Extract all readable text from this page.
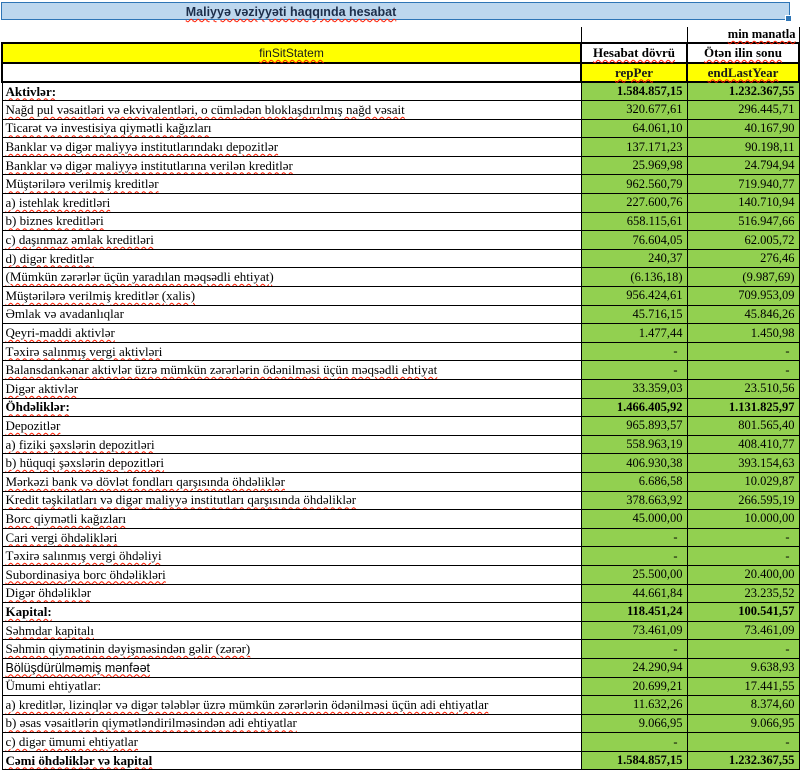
Maliyyə vəziyyəti haqqında hesabat
		min manatla
finSitStatem	Hesabat dövrü	Ötən ilin sonu
	repPer	endLastYear
Aktivlər:	1.584.857,15	1.232.367,55
Nağd pul vəsaitləri və ekvivalentləri, o cümlədən bloklaşdırılmış nağd vəsait	320.677,61	296.445,71
Ticarət və investisiya qiymətli kağızları	64.061,10	40.167,90
Banklar və digər maliyyə institutlarındakı depozitlər	137.171,23	90.198,11
Banklar və digər maliyyə institutlarına verilən kreditlər	25.969,98	24.794,94
Müştərilərə verilmiş kreditlər	962.560,79	719.940,77
a) istehlak kreditləri	227.600,76	140.710,94
b) biznes kreditləri	658.115,61	516.947,66
c) daşınmaz əmlak kreditləri	76.604,05	62.005,72
d) digər kreditlər	240,37	276,46
(Mümkün zərərlər üçün yaradılan məqsədli ehtiyat)	(6.136,18)	(9.987,69)
Müştərilərə verilmiş kreditlər (xalis)	956.424,61	709.953,09
Əmlak və avadanlıqlar	45.716,15	45.846,26
Qeyri-maddi aktivlər	1.477,44	1.450,98
Təxirə salınmış vergi aktivləri	-	-
Balansdankənar aktivlər üzrə mümkün zərərlərin ödənilməsi üçün məqsədli ehtiyat	-	-
Digər aktivlər	33.359,03	23.510,56
Öhdəliklər:	1.466.405,92	1.131.825,97
Depozitlər	965.893,57	801.565,40
a) fiziki şəxslərin depozitləri	558.963,19	408.410,77
b) hüquqi şəxslərin depozitləri	406.930,38	393.154,63
Mərkəzi bank və dövlət fondları qarşısında öhdəliklər	6.686,58	10.029,87
Kredit təşkilatları və digər maliyyə institutları qarşısında öhdəliklər	378.663,92	266.595,19
Borc qiymətli kağızları	45.000,00	10.000,00
Cari vergi öhdəlikləri	-	-
Təxirə salınmış vergi öhdəliyi	-	-
Subordinasiya borc öhdəlikləri	25.500,00	20.400,00
Digər öhdəliklər	44.661,84	23.235,52
Kapital:	118.451,24	100.541,57
Səhmdar kapitalı	73.461,09	73.461,09
Səhmin qiymətinin dəyişməsindən gəlir (zərər)	-	-
Bölüşdürülməmiş mənfəət	24.290,94	9.638,93
Ümumi ehtiyatlar:	20.699,21	17.441,55
a) kreditlər, lizinqlər və digər tələblər üzrə mümkün zərərlərin ödənilməsi üçün adi ehtiyatlar	11.632,26	8.374,60
b) əsas vəsaitlərin qiymətləndirilməsindən adi ehtiyatlar	9.066,95	9.066,95
c) digər ümumi ehtiyatlar	-	-
Cəmi öhdəliklər və kapital	1.584.857,15	1.232.367,55
